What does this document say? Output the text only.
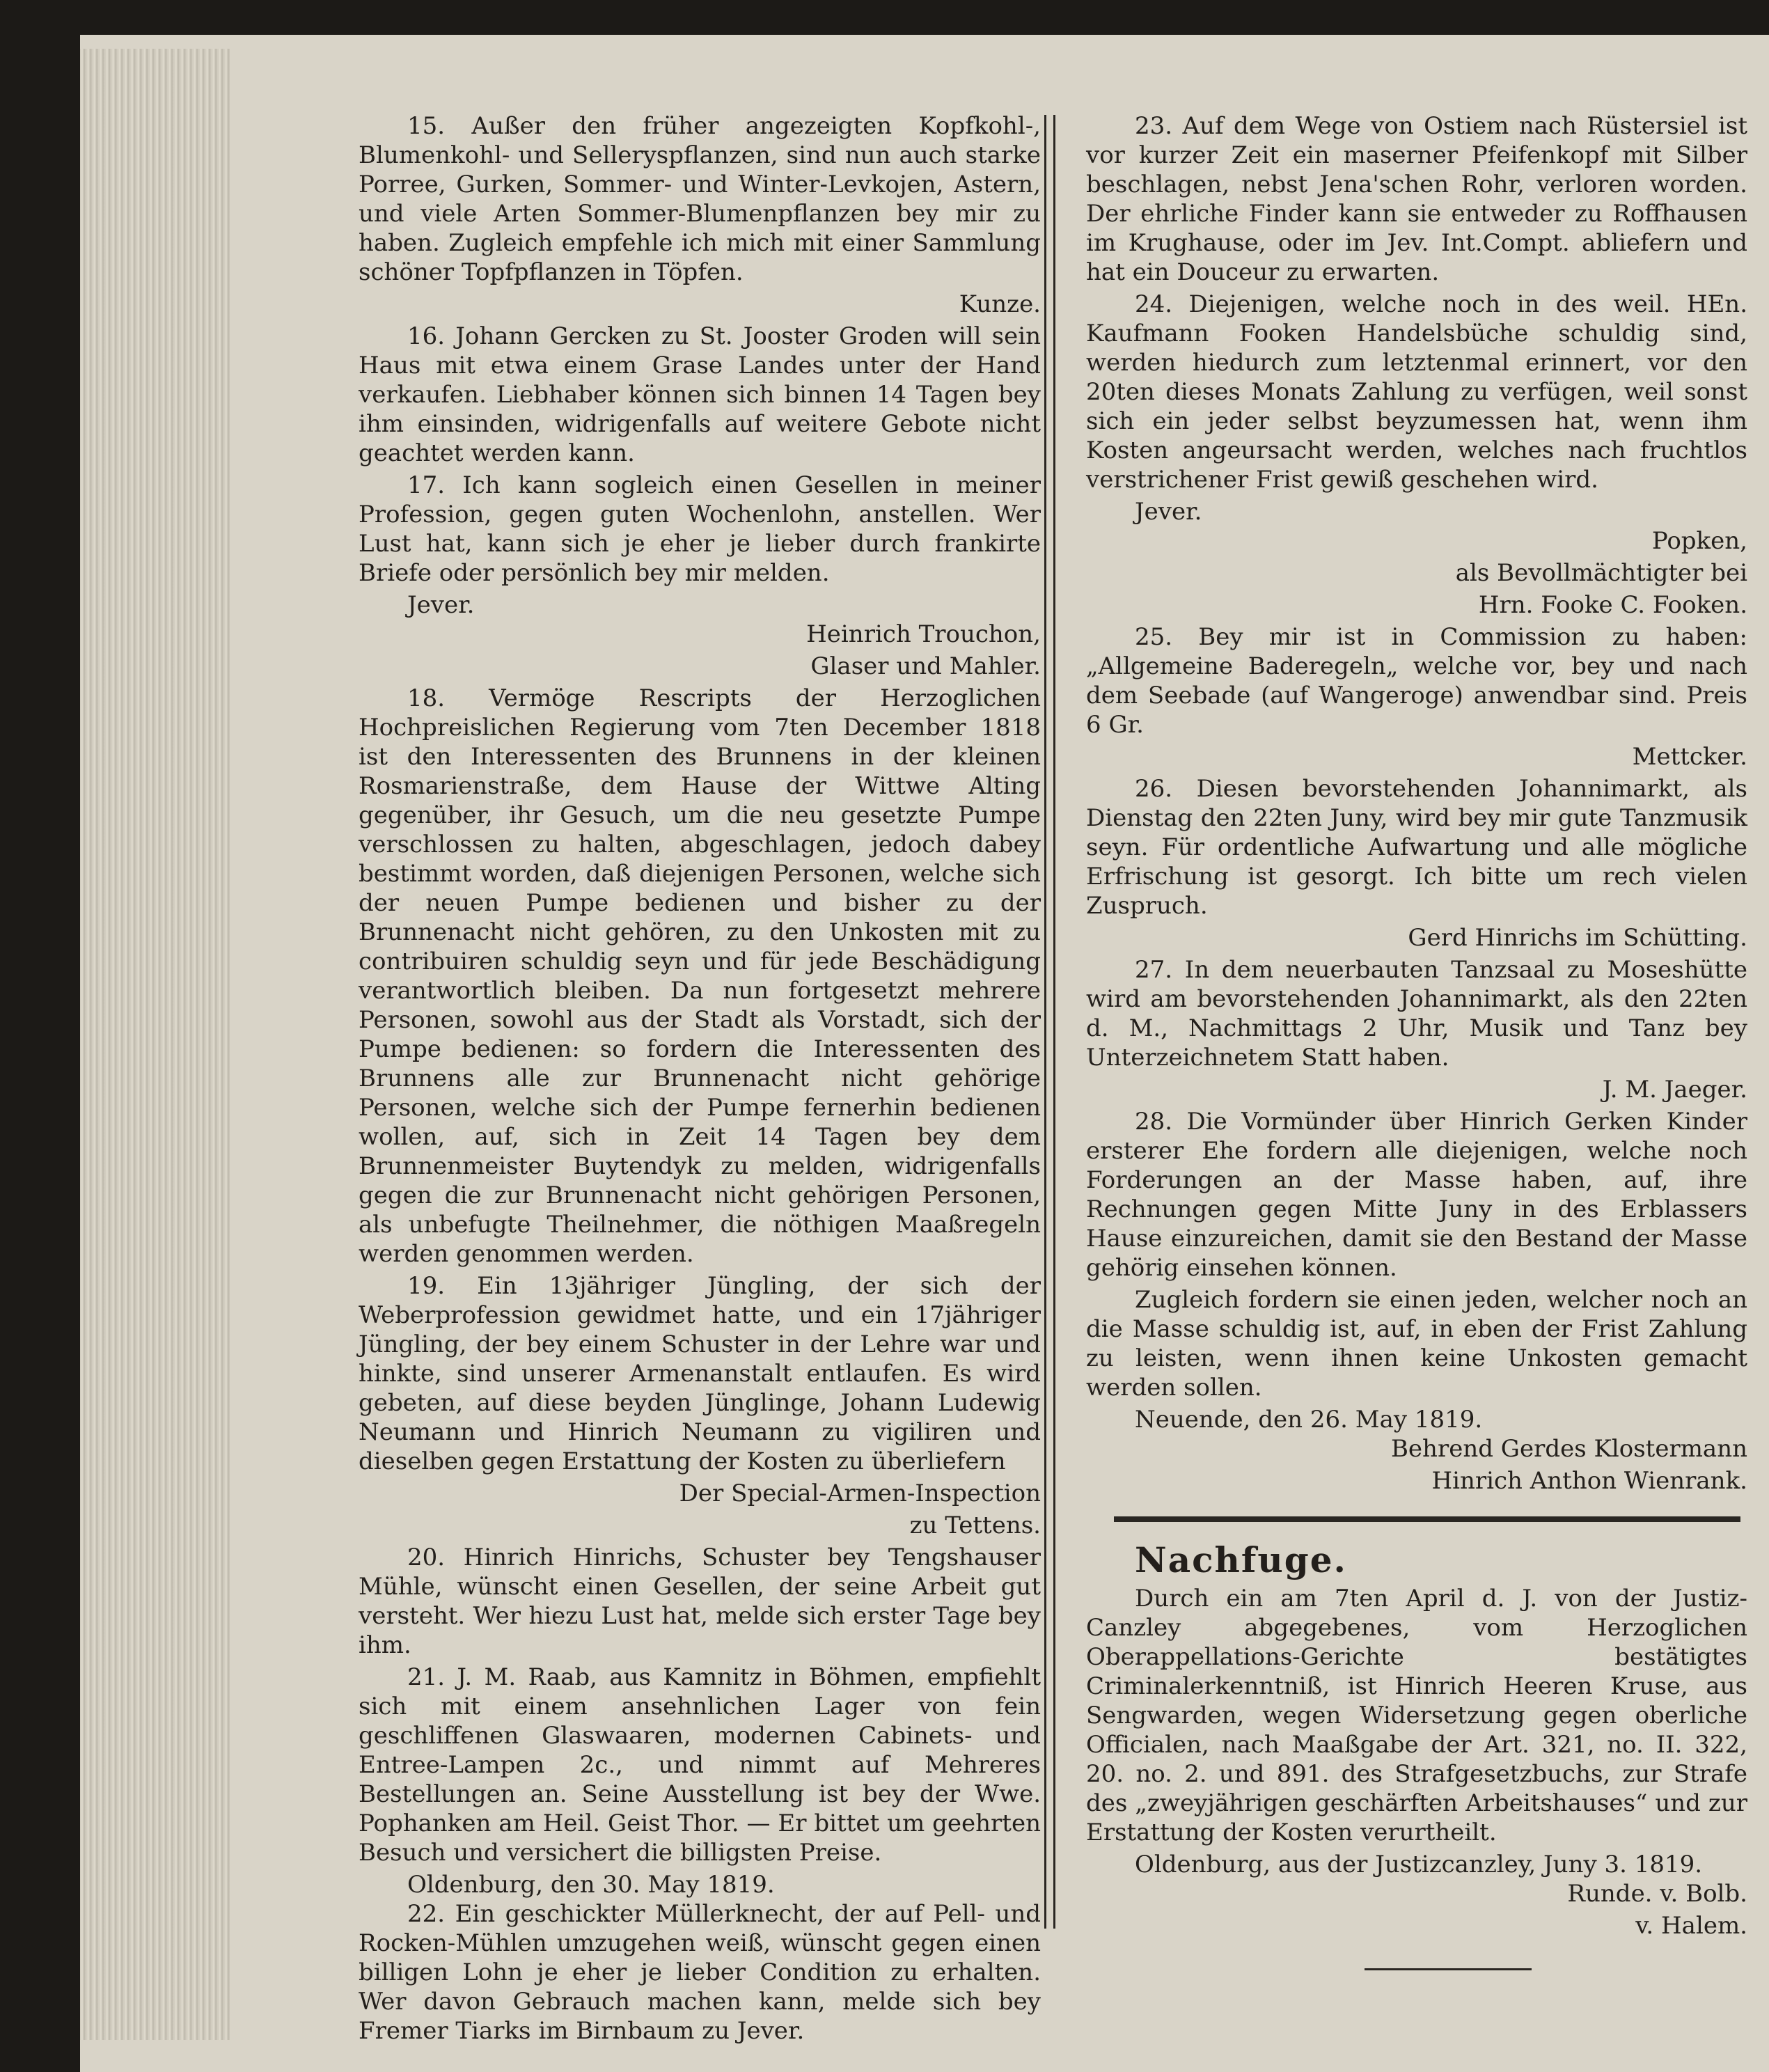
15. Außer den früher angezeigten Kopfkohl-, Blumenkohl- und Selleryspflanzen, sind nun auch starke Porree, Gurken, Sommer- und Winter-Levkojen, Astern, und viele Arten Sommer-Blumenpflanzen bey mir zu haben. Zugleich empfehle ich mich mit einer Sammlung schöner Topfpflanzen in Töpfen.

Kunze.

16. Johann Gercken zu St. Jooster Groden will sein Haus mit etwa einem Grase Landes unter der Hand verkaufen. Liebhaber können sich binnen 14 Tagen bey ihm einsinden, widrigenfalls auf weitere Gebote nicht geachtet werden kann.

17. Ich kann sogleich einen Gesellen in meiner Profession, gegen guten Wochenlohn, anstellen. Wer Lust hat, kann sich je eher je lieber durch frankirte Briefe oder persönlich bey mir melden.

Jever.

Heinrich Trouchon,

Glaser und Mahler.

18. Vermöge Rescripts der Herzoglichen Hochpreislichen Regierung vom 7ten December 1818 ist den Interessenten des Brunnens in der kleinen Rosmarienstraße, dem Hause der Wittwe Alting gegenüber, ihr Gesuch, um die neu gesetzte Pumpe verschlossen zu halten, abgeschlagen, jedoch dabey bestimmt worden, daß diejenigen Personen, welche sich der neuen Pumpe bedienen und bisher zu der Brunnenacht nicht gehören, zu den Unkosten mit zu contribuiren schuldig seyn und für jede Beschädigung verantwortlich bleiben. Da nun fortgesetzt mehrere Personen, sowohl aus der Stadt als Vorstadt, sich der Pumpe bedienen: so fordern die Interessenten des Brunnens alle zur Brunnenacht nicht gehörige Personen, welche sich der Pumpe fernerhin bedienen wollen, auf, sich in Zeit 14 Tagen bey dem Brunnenmeister Buytendyk zu melden, widrigenfalls gegen die zur Brunnenacht nicht gehörigen Personen, als unbefugte Theilnehmer, die nöthigen Maaßregeln werden genommen werden.

19. Ein 13jähriger Jüngling, der sich der Weberprofession gewidmet hatte, und ein 17jähriger Jüngling, der bey einem Schuster in der Lehre war und hinkte, sind unserer Armenanstalt entlaufen. Es wird gebeten, auf diese beyden Jünglinge, Johann Ludewig Neumann und Hinrich Neumann zu vigiliren und dieselben gegen Erstattung der Kosten zu überliefern

Der Special-Armen-Inspection

zu Tettens.

20. Hinrich Hinrichs, Schuster bey Tengshauser Mühle, wünscht einen Gesellen, der seine Arbeit gut versteht. Wer hiezu Lust hat, melde sich erster Tage bey ihm.

21. J. M. Raab, aus Kamnitz in Böhmen, empfiehlt sich mit einem ansehnlichen Lager von fein geschliffenen Glaswaaren, modernen Cabinets- und Entree-Lampen 2c., und nimmt auf Mehreres Bestellungen an. Seine Ausstellung ist bey der Wwe. Pophanken am Heil. Geist Thor. — Er bittet um geehrten Besuch und versichert die billigsten Preise.

Oldenburg, den 30. May 1819.

22. Ein geschickter Müllerknecht, der auf Pell- und Rocken-Mühlen umzugehen weiß, wünscht gegen einen billigen Lohn je eher je lieber Condition zu erhalten. Wer davon Gebrauch machen kann, melde sich bey Fremer Tiarks im Birnbaum zu Jever.

23. Auf dem Wege von Ostiem nach Rüstersiel ist vor kurzer Zeit ein maserner Pfeifenkopf mit Silber beschlagen, nebst Jena'schen Rohr, verloren worden. Der ehrliche Finder kann sie entweder zu Roffhausen im Krughause, oder im Jev. Int.Compt. abliefern und hat ein Douceur zu erwarten.

24. Diejenigen, welche noch in des weil. HEn. Kaufmann Fooken Handelsbüche schuldig sind, werden hiedurch zum letztenmal erinnert, vor den 20ten dieses Monats Zahlung zu verfügen, weil sonst sich ein jeder selbst beyzumessen hat, wenn ihm Kosten angeursacht werden, welches nach fruchtlos verstrichener Frist gewiß geschehen wird.

Jever.

Popken,

als Bevollmächtigter bei

Hrn. Fooke C. Fooken.

25. Bey mir ist in Commission zu haben: „Allgemeine Baderegeln„ welche vor, bey und nach dem Seebade (auf Wangeroge) anwendbar sind. Preis 6 Gr.

Mettcker.

26. Diesen bevorstehenden Johannimarkt, als Dienstag den 22ten Juny, wird bey mir gute Tanzmusik seyn. Für ordentliche Aufwartung und alle mögliche Erfrischung ist gesorgt. Ich bitte um rech vielen Zuspruch.

Gerd Hinrichs im Schütting.

27. In dem neuerbauten Tanzsaal zu Moseshütte wird am bevorstehenden Johannimarkt, als den 22ten d. M., Nachmittags 2 Uhr, Musik und Tanz bey Unterzeichnetem Statt haben.

J. M. Jaeger.

28. Die Vormünder über Hinrich Gerken Kinder ersterer Ehe fordern alle diejenigen, welche noch Forderungen an der Masse haben, auf, ihre Rechnungen gegen Mitte Juny in des Erblassers Hause einzureichen, damit sie den Bestand der Masse gehörig einsehen können.

Zugleich fordern sie einen jeden, welcher noch an die Masse schuldig ist, auf, in eben der Frist Zahlung zu leisten, wenn ihnen keine Unkosten gemacht werden sollen.

Neuende, den 26. May 1819.

Behrend Gerdes Klostermann

Hinrich Anthon Wienrank.

Nachfuge.

Durch ein am 7ten April d. J. von der Justiz-Canzley abgegebenes, vom Herzoglichen Oberappellations-Gerichte bestätigtes Criminalerkenntniß, ist Hinrich Heeren Kruse, aus Sengwarden, wegen Widersetzung gegen oberliche Officialen, nach Maaßgabe der Art. 321, no. II. 322, 20. no. 2. und 891. des Strafgesetzbuchs, zur Strafe des „zweyjährigen geschärften Arbeitshauses“ und zur Erstattung der Kosten verurtheilt.

Oldenburg, aus der Justizcanzley, Juny 3. 1819.

Runde. v. Bolb.

v. Halem.
